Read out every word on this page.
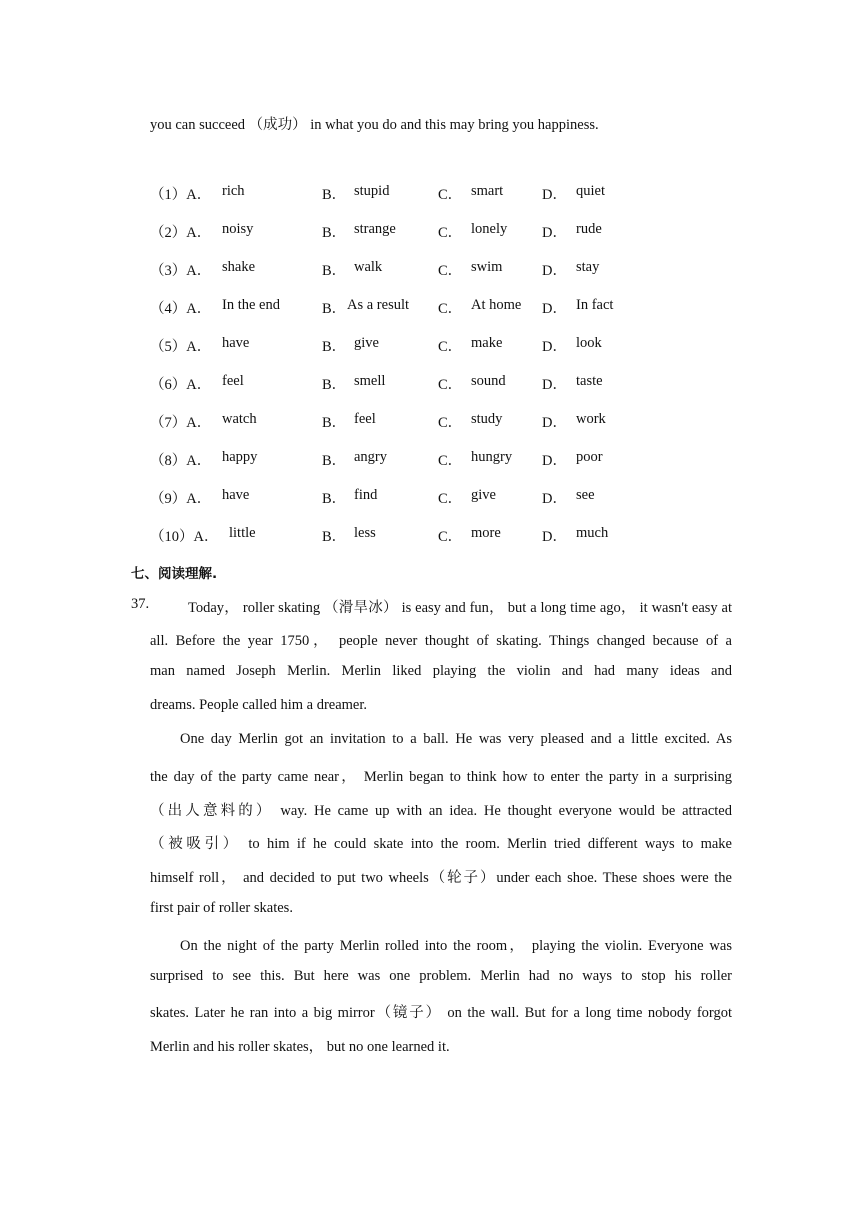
you can succeed （成功） in what you do and this may bring you happiness.
（1）A． rich	B． stupid	C． smart	D． quiet
（2）A． noisy	B． strange	C． lonely D． rude
（3）A． shake	B． walk	C． swim	D． stay
（4）A． In the end	B． As a result C． At home D． In fact
（5）A． have	B． give	C． make	D． look
（6）A． feel	B． smell	C． sound	D． taste
（7）A． watch	B． feel	C． study	D． work
（8）A． happy	B． angry	C． hungry D． poor
（9）A． have	B． find	C． give	D． see
（10）A． little	B． less	C． more	D． much
七、阅读理解.
37.	Today， roller skating （滑旱冰） is easy and fun， but a long time ago， it wasn't easy at
all. Before the year 1750， people never thought of skating. Things changed because of a
man named Joseph Merlin. Merlin liked playing the violin and had many ideas and
dreams. People called him a dreamer.
One day Merlin got an invitation to a ball. He was very pleased and a little excited. As
the day of the party came near， Merlin began to think how to enter the party in a surprising
（出人意料的） way. He came up with an idea. He thought everyone would be attracted
（被吸引） to him if he could skate into the room. Merlin tried different ways to make
himself roll， and decided to put two wheels（轮子）under each shoe. These shoes were the
first pair of roller skates.
On the night of the party Merlin rolled into the room， playing the violin. Everyone was
surprised to see this. But here was one problem. Merlin had no ways to stop his roller
skates. Later he ran into a big mirror（镜子） on the wall. But for a long time nobody forgot
Merlin and his roller skates， but no one learned it.
